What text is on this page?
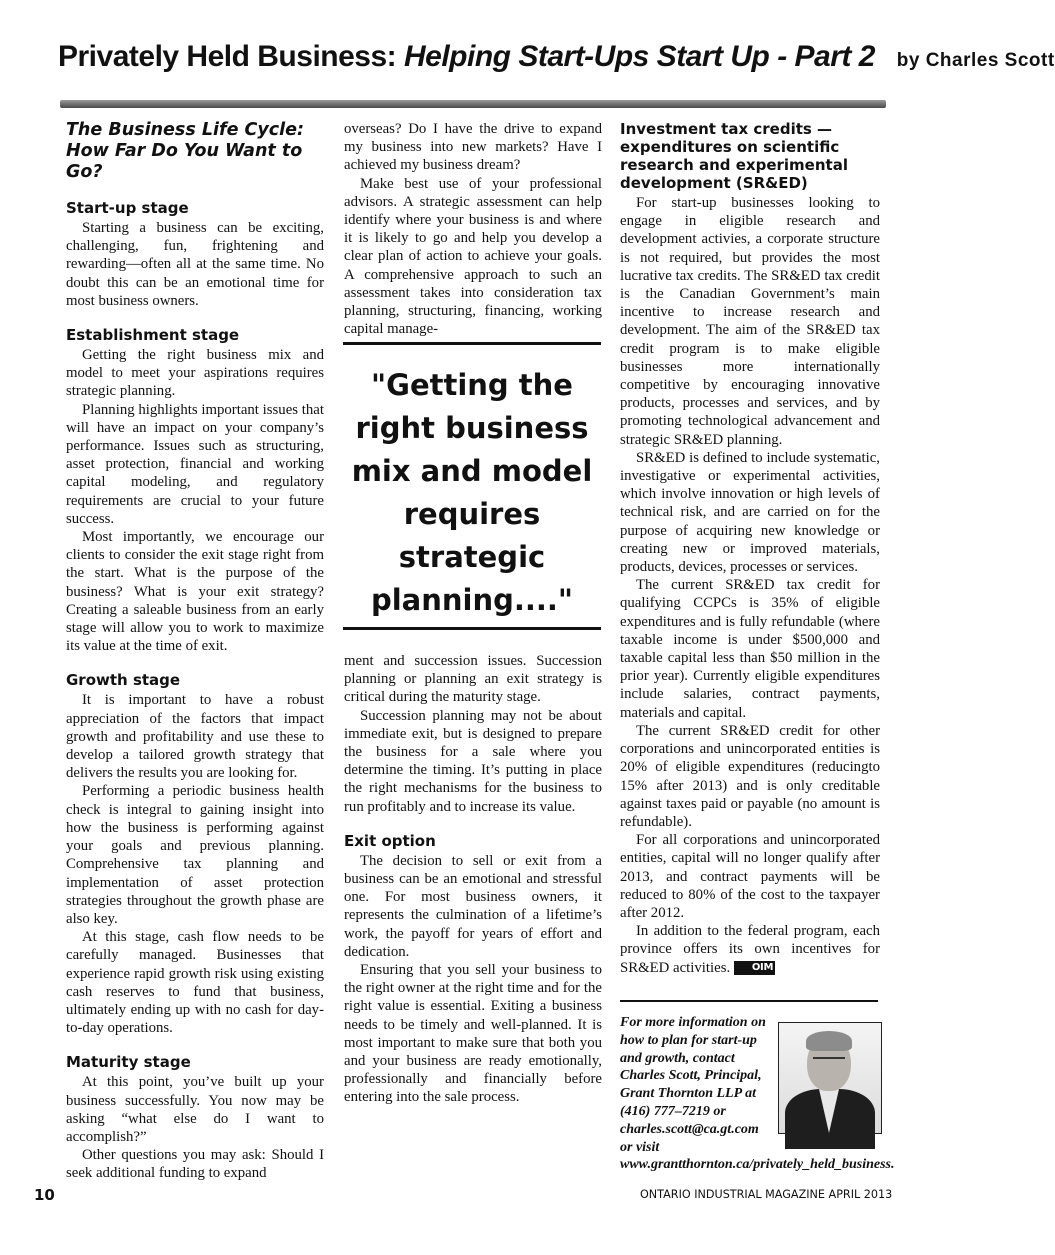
Privately Held Business: Helping Start-Ups Start Up - Part 2 by Charles Scott
The Business Life Cycle: How Far Do You Want to Go?
Start-up stage

Starting a business can be exciting, challenging, fun, frightening and rewarding—often all at the same time. No doubt this can be an emotional time for most business owners.

Establishment stage

Getting the right business mix and model to meet your aspirations requires strategic planning.

Planning highlights important issues that will have an impact on your company’s performance. Issues such as structuring, asset protection, financial and working capital modeling, and regulatory requirements are crucial to your future success.

Most importantly, we encourage our clients to consider the exit stage right from the start. What is the purpose of the business? What is your exit strategy? Creating a saleable business from an early stage will allow you to work to maximize its value at the time of exit.

Growth stage

It is important to have a robust appreciation of the factors that impact growth and profitability and use these to develop a tailored growth strategy that delivers the results you are looking for.

Performing a periodic business health check is integral to gaining insight into how the business is performing against your goals and previous planning. Comprehensive tax planning and implementation of asset protection strategies throughout the growth phase are also key.

At this stage, cash flow needs to be carefully managed. Businesses that experience rapid growth risk using existing cash reserves to fund that business, ultimately ending up with no cash for day-to-day operations.

Maturity stage

At this point, you’ve built up your business successfully. You now may be asking “what else do I want to accomplish?”

Other questions you may ask: Should I seek additional funding to expand

overseas? Do I have the drive to expand my business into new markets? Have I achieved my business dream?

Make best use of your professional advisors. A strategic assessment can help identify where your business is and where it is likely to go and help you develop a clear plan of action to achieve your goals. A comprehensive approach to such an assessment takes into consideration tax planning, structuring, financing, working capital manage-

"Getting the right business mix and model requires strategic planning...."

ment and succession issues. Succession planning or planning an exit strategy is critical during the maturity stage.

Succession planning may not be about immediate exit, but is designed to prepare the business for a sale where you determine the timing. It’s putting in place the right mechanisms for the business to run profitably and to increase its value.

Exit option

The decision to sell or exit from a business can be an emotional and stressful one. For most business owners, it represents the culmination of a lifetime’s work, the payoff for years of effort and dedication.

Ensuring that you sell your business to the right owner at the right time and for the right value is essential. Exiting a business needs to be timely and well-planned. It is most important to make sure that both you and your business are ready emotionally, professionally and financially before entering into the sale process.

Investment tax credits — expenditures on scientific research and experimental development (SR&ED)

For start-up businesses looking to engage in eligible research and development activies, a corporate structure is not required, but provides the most lucrative tax credits. The SR&ED tax credit is the Canadian Government’s main incentive to increase research and development. The aim of the SR&ED tax credit program is to make eligible businesses more internationally competitive by encouraging innovative products, processes and services, and by promoting technological advancement and strategic SR&ED planning.

SR&ED is defined to include systematic, investigative or experimental activities, which involve innovation or high levels of technical risk, and are carried on for the purpose of acquiring new knowledge or creating new or improved materials, products, devices, processes or services.

The current SR&ED tax credit for qualifying CCPCs is 35% of eligible expenditures and is fully refundable (where taxable income is under $500,000 and taxable capital less than $50 million in the prior year). Currently eligible expenditures include salaries, contract payments, materials and capital.

The current SR&ED credit for other corporations and unincorporated entities is 20% of eligible expenditures (reducingto 15% after 2013) and is only creditable against taxes paid or payable (no amount is refundable).

For all corporations and unincorporated entities, capital will no longer qualify after 2013, and contract payments will be reduced to 80% of the cost to the taxpayer after 2012.

In addition to the federal program, each province offers its own incentives for SR&ED activities. OIM

For more information on how to plan for start-up and growth, contact Charles Scott, Principal, Grant Thornton LLP at (416) 777–7219 or charles.scott@ca.gt.com or visit www.grantthornton.ca/privately_held_business.
10	ONTARIO INDUSTRIAL MAGAZINE APRIL 2013
